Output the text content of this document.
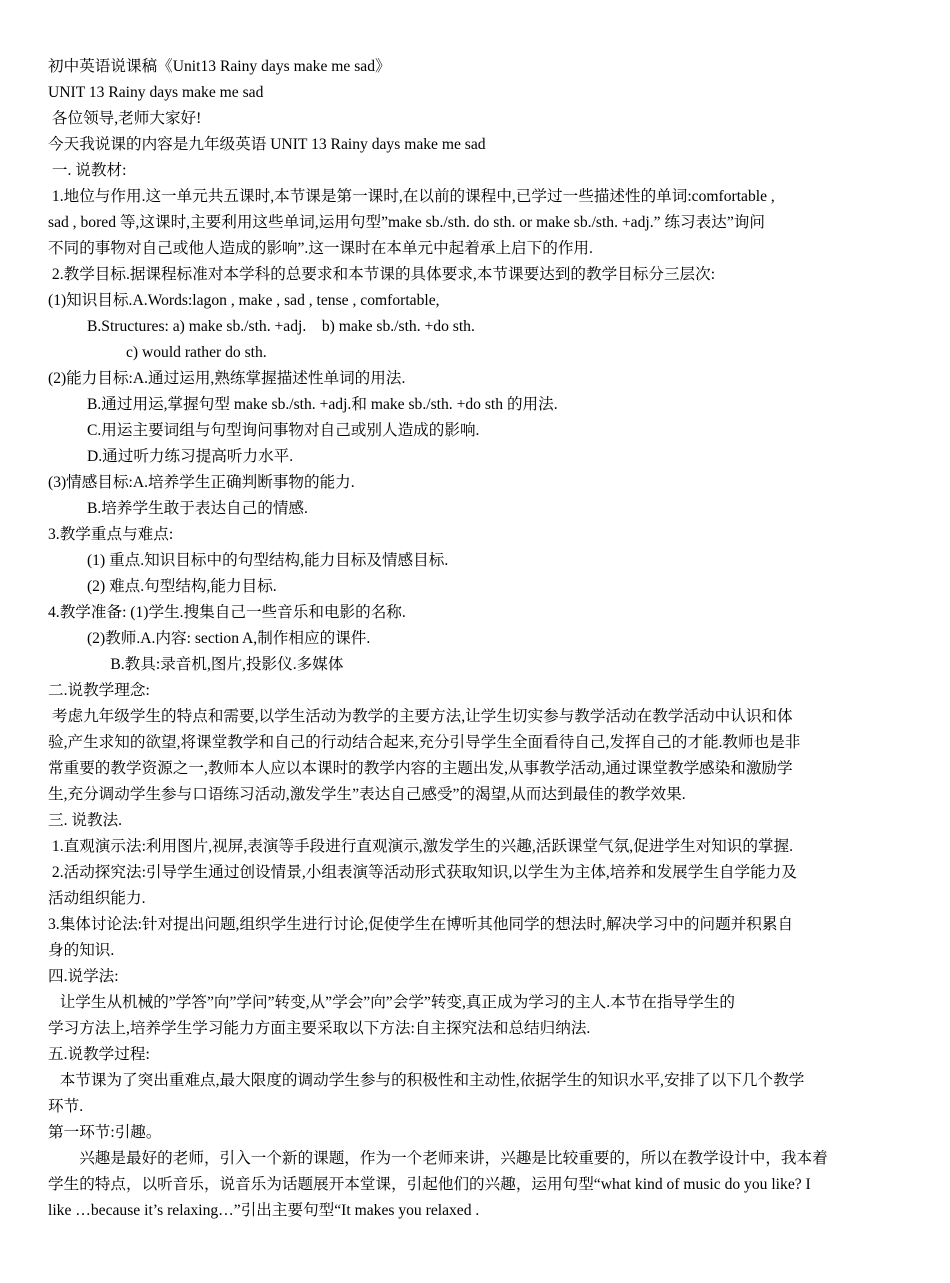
初中英语说课稿《Unit13 Rainy days make me sad》
UNIT 13 Rainy days make me sad
各位领导,老师大家好!
今天我说课的内容是九年级英语 UNIT 13 Rainy days make me sad
一. 说教材:
1.地位与作用.这一单元共五课时,本节课是第一课时,在以前的课程中,已学过一些描述性的单词:comfortable ,
sad , bored 等,这课时,主要利用这些单词,运用句型”make sb./sth. do sth. or make sb./sth. +adj.” 练习表达”询问
不同的事物对自己或他人造成的影响”.这一课时在本单元中起着承上启下的作用.
2.教学目标.据课程标准对本学科的总要求和本节课的具体要求,本节课要达到的教学目标分三层次:
(1)知识目标.A.Words:lagon , make , sad , tense , comfortable,
B.Structures: a) make sb./sth. +adj.    b) make sb./sth. +do sth.
c) would rather do sth.
(2)能力目标:A.通过运用,熟练掌握描述性单词的用法.
B.通过用运,掌握句型 make sb./sth. +adj.和 make sb./sth. +do sth 的用法.
C.用运主要词组与句型询问事物对自己或别人造成的影响.
D.通过听力练习提高听力水平.
(3)情感目标:A.培养学生正确判断事物的能力.
B.培养学生敢于表达自己的情感.
3.教学重点与难点:
(1) 重点.知识目标中的句型结构,能力目标及情感目标.
(2) 难点.句型结构,能力目标.
4.教学准备: (1)学生.搜集自己一些音乐和电影的名称.
(2)教师.A.内容: section A,制作相应的课件.
B.教具:录音机,图片,投影仪.多媒体
二.说教学理念:
考虑九年级学生的特点和需要,以学生活动为教学的主要方法,让学生切实参与教学活动在教学活动中认识和体
验,产生求知的欲望,将课堂教学和自己的行动结合起来,充分引导学生全面看待自己,发挥自己的才能.教师也是非
常重要的教学资源之一,教师本人应以本课时的教学内容的主题出发,从事教学活动,通过课堂教学感染和激励学
生,充分调动学生参与口语练习活动,激发学生”表达自己感受”的渴望,从而达到最佳的教学效果.
三. 说教法.
1.直观演示法:利用图片,视屏,表演等手段进行直观演示,激发学生的兴趣,活跃课堂气氛,促进学生对知识的掌握.
2.活动探究法:引导学生通过创设情景,小组表演等活动形式获取知识,以学生为主体,培养和发展学生自学能力及
活动组织能力.
3.集体讨论法:针对提出问题,组织学生进行讨论,促使学生在博听其他同学的想法时,解决学习中的问题并积累自
身的知识.
四.说学法:
让学生从机械的”学答”向”学问”转变,从”学会”向”会学”转变,真正成为学习的主人.本节在指导学生的
学习方法上,培养学生学习能力方面主要采取以下方法:自主探究法和总结归纳法.
五.说教学过程:
本节课为了突出重难点,最大限度的调动学生参与的积极性和主动性,依据学生的知识水平,安排了以下几个教学
环节.
第一环节:引趣。
兴趣是最好的老师，引入一个新的课题，作为一个老师来讲，兴趣是比较重要的，所以在教学设计中，我本着
学生的特点，以听音乐，说音乐为话题展开本堂课，引起他们的兴趣，运用句型“what kind of music do you like? I
like …because it’s relaxing…”引出主要句型“It makes you relaxed .
